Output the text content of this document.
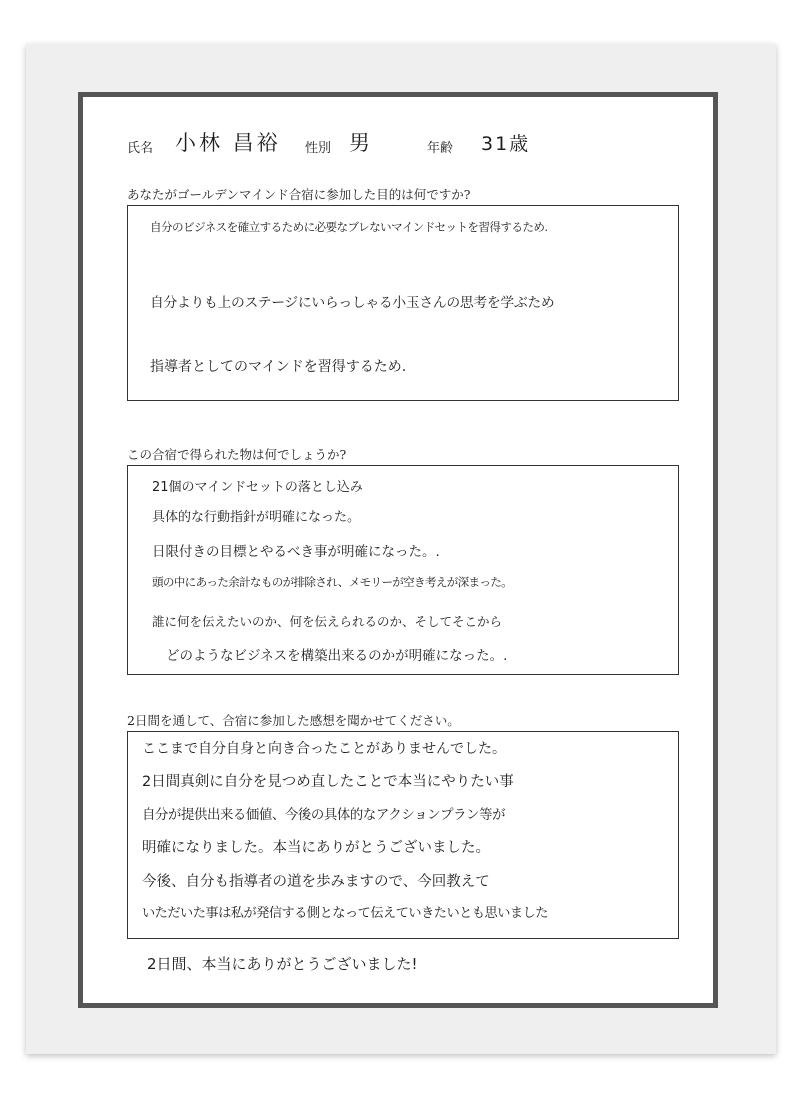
氏名 小林 昌裕 性別 男	年齢 31歳
あなたがゴールデンマインド合宿に参加した目的は何ですか?
自分のビジネスを確立するために必要なブレないマインドセットを習得するため.
自分よりも上のステージにいらっしゃる小玉さんの思考を学ぶため
指導者としてのマインドを習得するため.
この合宿で得られた物は何でしょうか?
21個のマインドセットの落とし込み
具体的な行動指針が明確になった。
日限付きの目標とやるべき事が明確になった。.
頭の中にあった余計なものが排除され、メモリーが空き考えが深まった。
誰に何を伝えたいのか、何を伝えられるのか、そしてそこから
どのようなビジネスを構築出来るのかが明確になった。.
2日間を通して、合宿に参加した感想を聞かせてください。
ここまで自分自身と向き合ったことがありませんでした。
2日間真剣に自分を見つめ直したことで本当にやりたい事
自分が提供出来る価値、今後の具体的なアクションプラン等が
明確になりました。本当にありがとうございました。
今後、自分も指導者の道を歩みますので、今回教えて
いただいた事は私が発信する側となって伝えていきたいとも思いました
2日間、本当にありがとうございました!
